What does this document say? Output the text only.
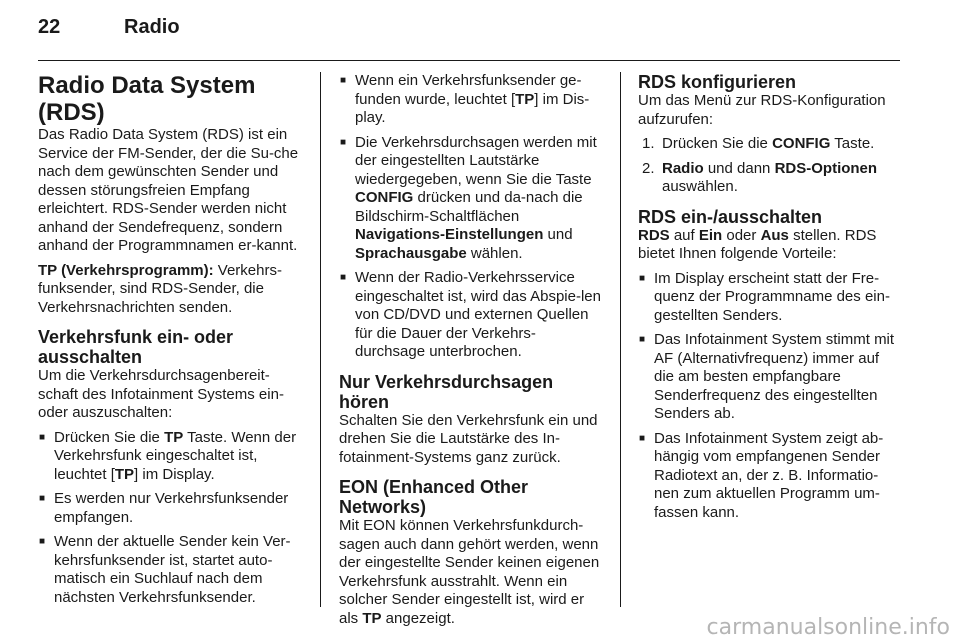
22	Radio
Radio Data System (RDS)

Das Radio Data System (RDS) ist ein Service der FM-Sender, der die Su-che nach dem gewünschten Sender und dessen störungsfreien Empfang erleichtert. RDS-Sender werden nicht anhand der Sendefrequenz, sondern anhand der Programmnamen er-kannt.

TP (Verkehrsprogramm): Verkehrs-funksender, sind RDS-Sender, die Verkehrsnachrichten senden.

Verkehrsfunk ein- oder ausschalten

Um die Verkehrsdurchsagenbereit-schaft des Infotainment Systems ein- oder auszuschalten:

■ Drücken Sie die TP Taste. Wenn der Verkehrsfunk eingeschaltet ist, leuchtet [TP] im Display.
■ Es werden nur Verkehrsfunksender empfangen.
■ Wenn der aktuelle Sender kein Ver-kehrsfunksender ist, startet auto-matisch ein Suchlauf nach dem nächsten Verkehrsfunksender.
■ Wenn ein Verkehrsfunksender ge-funden wurde, leuchtet [TP] im Dis-play.
■ Die Verkehrsdurchsagen werden mit der eingestellten Lautstärke wiedergegeben, wenn Sie die Taste CONFIG drücken und da-nach die Bildschirm-Schaltflächen Navigations-Einstellungen und Sprachausgabe wählen.
■ Wenn der Radio-Verkehrsservice eingeschaltet ist, wird das Abspie-len von CD/DVD und externen Quellen für die Dauer der Verkehrs-durchsage unterbrochen.
Nur Verkehrsdurchsagen hören

Schalten Sie den Verkehrsfunk ein und drehen Sie die Lautstärke des In-fotainment-Systems ganz zurück.

EON (Enhanced Other Networks)

Mit EON können Verkehrsfunkdurch-sagen auch dann gehört werden, wenn der eingestellte Sender keinen eigenen Verkehrsfunk ausstrahlt. Wenn ein solcher Sender eingestellt ist, wird er als TP angezeigt.

RDS konfigurieren

Um das Menü zur RDS-Konfiguration aufzurufen:

1. Drücken Sie die CONFIG Taste.
2. Radio und dann RDS-Optionen auswählen.
RDS ein-/ausschalten

RDS auf Ein oder Aus stellen. RDS bietet Ihnen folgende Vorteile:

■ Im Display erscheint statt der Fre-quenz der Programmname des ein-gestellten Senders.
■ Das Infotainment System stimmt mit AF (Alternativfrequenz) immer auf die am besten empfangbare Senderfrequenz des eingestellten Senders ab.
■ Das Infotainment System zeigt ab-hängig vom empfangenen Sender Radiotext an, der z. B. Informatio-nen zum aktuellen Programm um-fassen kann.
carmanualsonline.info
